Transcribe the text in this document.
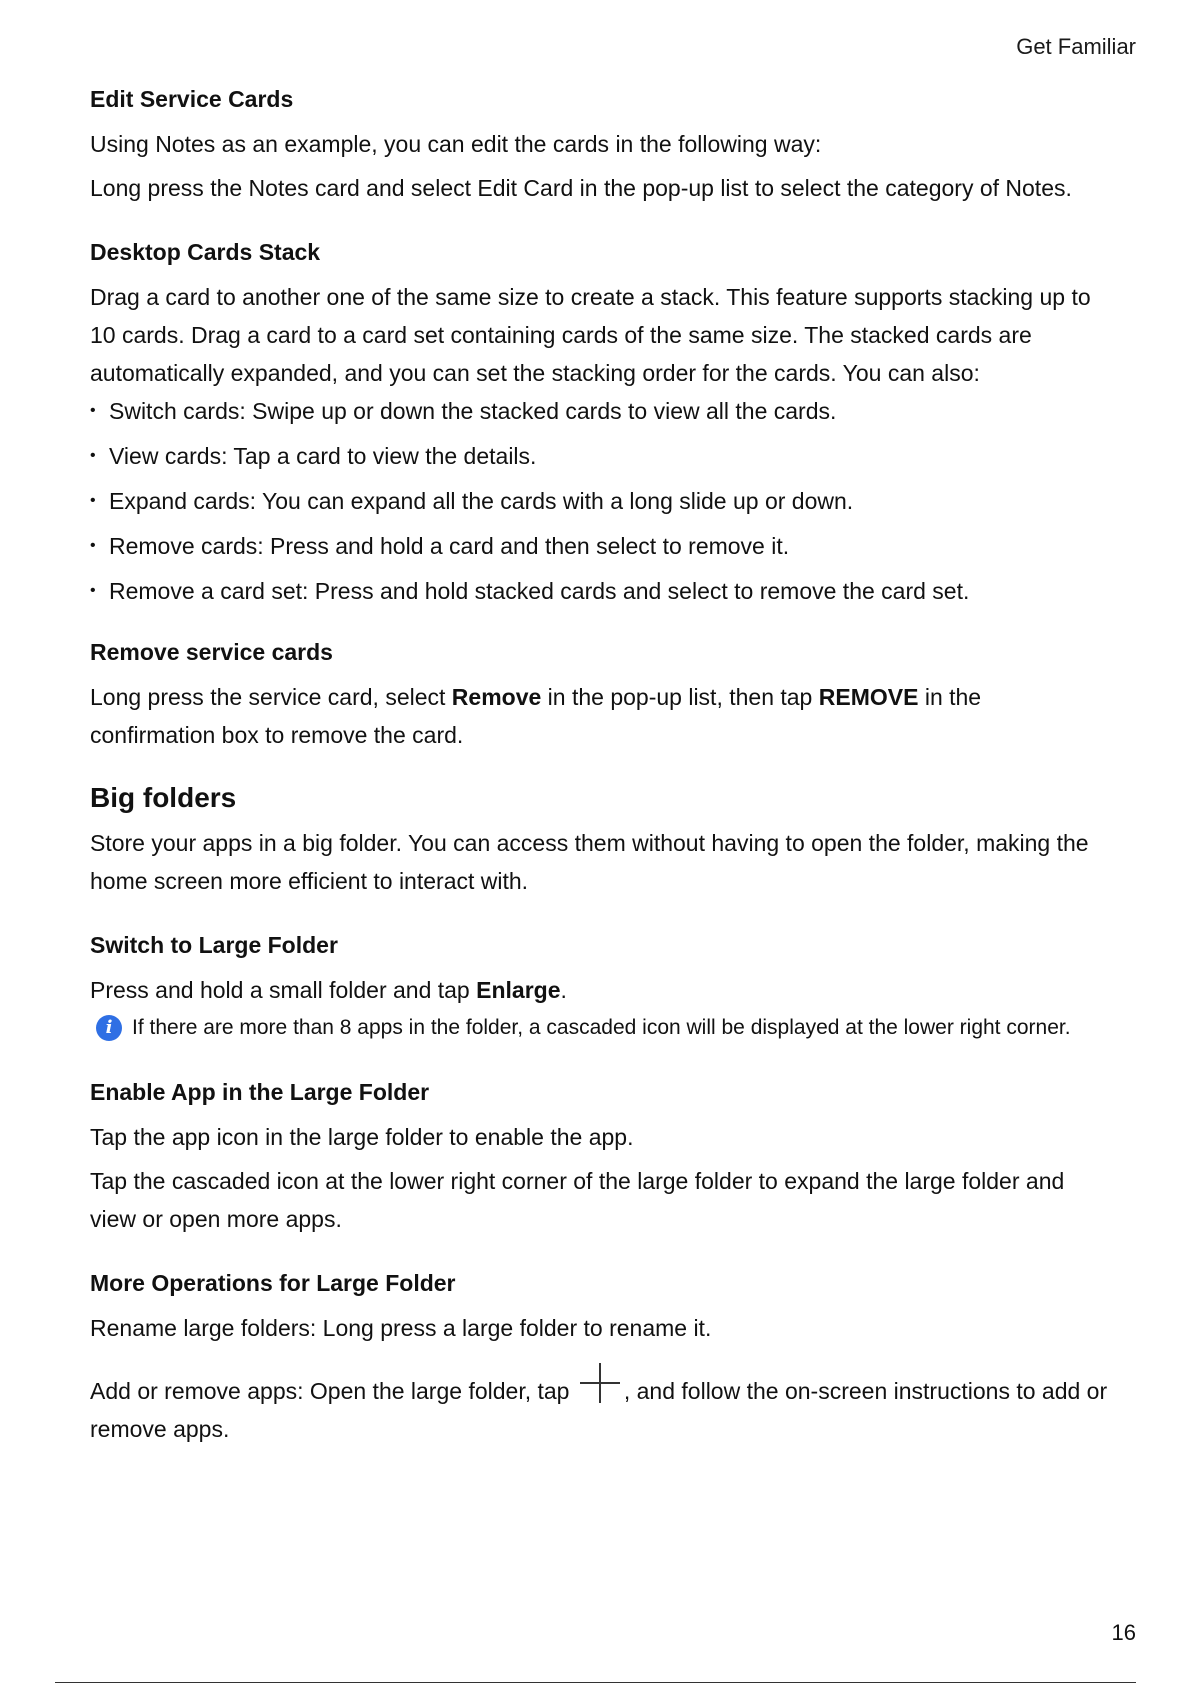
Get Familiar
Edit Service Cards

Using Notes as an example, you can edit the cards in the following way:

Long press the Notes card and select Edit Card in the pop-up list to select the category of Notes.

Desktop Cards Stack

Drag a card to another one of the same size to create a stack. This feature supports stacking up to 10 cards. Drag a card to a card set containing cards of the same size. The stacked cards are automatically expanded, and you can set the stacking order for the cards. You can also:

• Switch cards: Swipe up or down the stacked cards to view all the cards.
• View cards: Tap a card to view the details.
• Expand cards: You can expand all the cards with a long slide up or down.
• Remove cards: Press and hold a card and then select to remove it.
• Remove a card set: Press and hold stacked cards and select to remove the card set.
Remove service cards

Long press the service card, select Remove in the pop-up list, then tap REMOVE in the confirmation box to remove the card.

Big folders

Store your apps in a big folder. You can access them without having to open the folder, making the home screen more efficient to interact with.

Switch to Large Folder

Press and hold a small folder and tap Enlarge.

i If there are more than 8 apps in the folder, a cascaded icon will be displayed at the lower right corner.
Enable App in the Large Folder

Tap the app icon in the large folder to enable the app.

Tap the cascaded icon at the lower right corner of the large folder to expand the large folder and view or open more apps.

More Operations for Large Folder

Rename large folders: Long press a large folder to rename it.

Add or remove apps: Open the large folder, tap , and follow the on-screen instructions to add or remove apps.

16
